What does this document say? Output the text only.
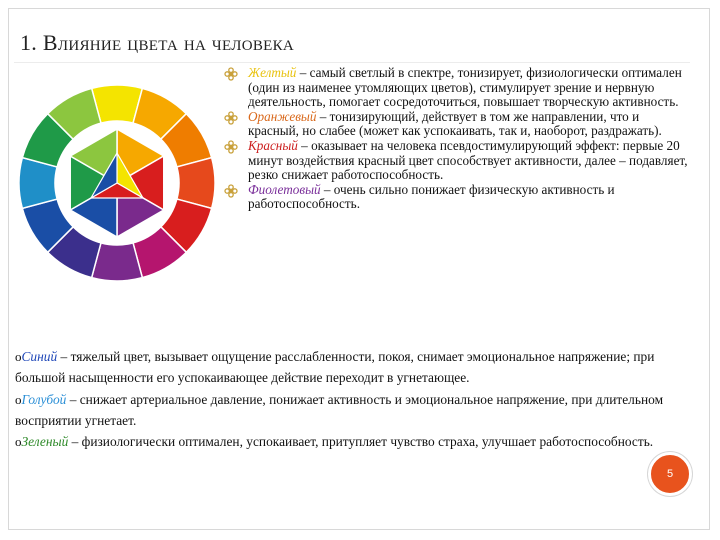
1. Влияние цвета на человека
Желтый – самый светлый в спектре, тонизирует, физиологически оптимален (один из наименее утомляющих цветов), стимулирует зрение и нервную деятельность, помогает сосредоточиться, повышает творческую активность.
Оранжевый – тонизирующий, действует в том же направлении, что и красный, но слабее (может как успокаивать, так и, наоборот, раздражать).
Красный – оказывает на человека псевдостимулирующий эффект: первые 20 минут воздействия красный цвет способствует активности, далее – подавляет, резко снижает работоспособность.
Фиолетовый – очень сильно понижает физическую активность и работоспособность.
oСиний – тяжелый цвет, вызывает ощущение расслабленности, покоя, снимает эмоциональное напряжение; при большой насыщенности его успокаивающее действие переходит в угнетающее.
oГолубой – снижает артериальное давление, понижает активность и эмоциональное напряжение, при длительном восприятии угнетает.
oЗеленый – физиологически оптимален, успокаивает, притупляет чувство страха, улучшает работоспособность.
5
